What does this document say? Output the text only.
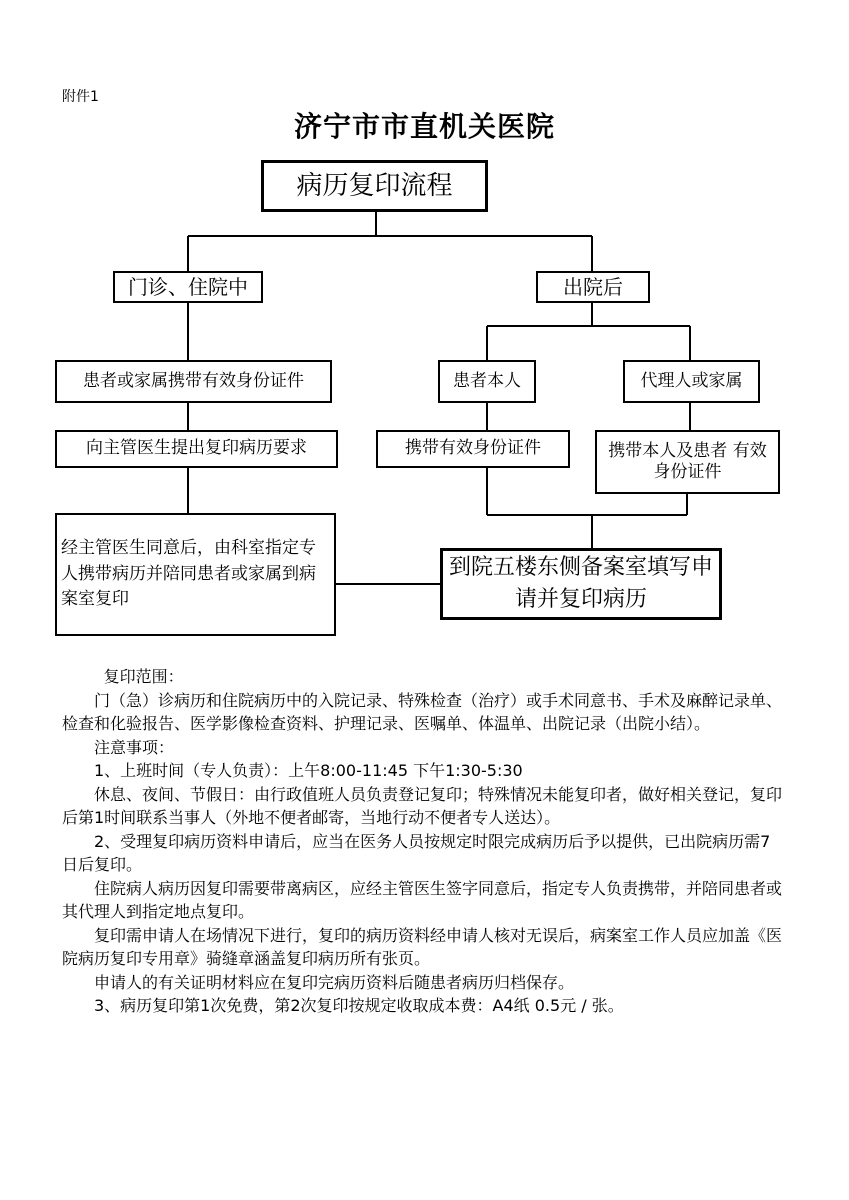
附件1
济宁市市直机关医院
病历复印流程
门诊、住院中	出院后
患者或家属携带有效身份证件
向主管医生提出复印病历要求
经主管医生同意后，由科室指定专人携带病历并陪同患者或家属到病案室复印
患者本人
携带有效身份证件
代理人或家属
携带本人及患者 有效身份证件
到院五楼东侧备案室填写申请并复印病历

复印范围：

门（急）诊病历和住院病历中的入院记录、特殊检查（治疗）或手术同意书、手术及麻醉记录单、检查和化验报告、医学影像检查资料、护理记录、医嘱单、体温单、出院记录（出院小结）。

注意事项：

1、上班时间（专人负责）：上午8:00-11:45 下午1:30-5:30

休息、夜间、节假日：由行政值班人员负责登记复印；特殊情况未能复印者，做好相关登记，复印后第1时间联系当事人（外地不便者邮寄，当地行动不便者专人送达）。

2、受理复印病历资料申请后，应当在医务人员按规定时限完成病历后予以提供，已出院病历需7日后复印。

住院病人病历因复印需要带离病区，应经主管医生签字同意后，指定专人负责携带，并陪同患者或其代理人到指定地点复印。

复印需申请人在场情况下进行，复印的病历资料经申请人核对无误后，病案室工作人员应加盖《医院病历复印专用章》骑缝章涵盖复印病历所有张页。

申请人的有关证明材料应在复印完病历资料后随患者病历归档保存。

3、病历复印第1次免费，第2次复印按规定收取成本费：A4纸 0.5元 / 张。
